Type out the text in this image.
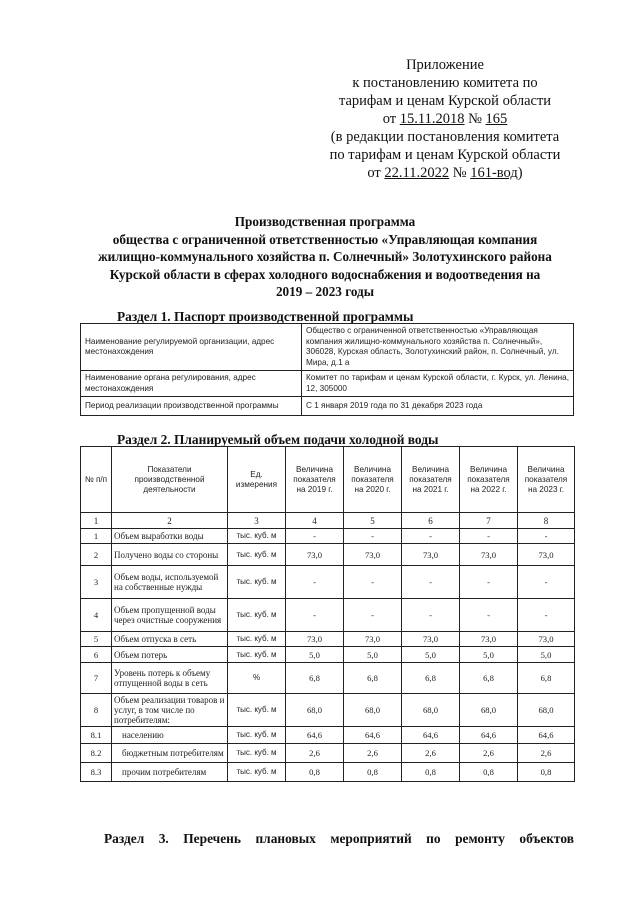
Приложение
к постановлению комитета по
тарифам и ценам Курской области
от 15.11.2018 № 165
(в редакции постановления комитета
по тарифам и ценам Курской области
от 22.11.2022 № 161-вод)
Производственная программа
общества с ограниченной ответственностью «Управляющая компания
жилищно-коммунального хозяйства п. Солнечный» Золотухинского района
Курской области в сферах холодного водоснабжения и водоотведения на
2019 – 2023 годы
Раздел 1. Паспорт производственной программы
Наименование регулируемой организации, адрес местонахождения	Общество с ограниченной ответственностью «Управляющая компания жилищно-коммунального хозяйства п. Солнечный», 306028, Курская область, Золотухинский район, п. Солнечный, ул. Мира, д.1 а
Наименование органа регулирования, адрес местонахождения	Комитет по тарифам и ценам Курской области, г. Курск, ул. Ленина, 12, 305000
Период реализации производственной программы	С 1 января 2019 года по 31 декабря 2023 года
Раздел 2. Планируемый объем подачи холодной воды
№ п/п	Показатели производственной деятельности	Ед. измерения	Величина показателя на 2019 г.	Величина показателя на 2020 г.	Величина показателя на 2021 г.	Величина показателя на 2022 г.	Величина показателя на 2023 г.
1	2	3	4	5	6	7	8
1	Объем выработки воды	тыс. куб. м	-	-	-	-	-
2	Получено воды со стороны	тыс. куб. м	73,0	73,0	73,0	73,0	73,0
3	Объем воды, используемой на собственные нужды	тыс. куб. м	-	-	-	-	-
4	Объем пропущенной воды через очистные сооружения	тыс. куб. м	-	-	-	-	-
5	Объем отпуска в сеть	тыс. куб. м	73,0	73,0	73,0	73,0	73,0
6	Объем потерь	тыс. куб. м	5,0	5,0	5,0	5,0	5,0
7	Уровень потерь к объему отпущенной воды в сеть	%	6,8	6,8	6,8	6,8	6,8
8	Объем реализации товаров и услуг, в том числе по потребителям:	тыс. куб. м	68,0	68,0	68,0	68,0	68,0
8.1	населению	тыс. куб. м	64,6	64,6	64,6	64,6	64,6
8.2	бюджетным потребителям	тыс. куб. м	2,6	2,6	2,6	2,6	2,6
8.3	прочим потребителям	тыс. куб. м	0,8	0,8	0,8	0,8	0,8
Раздел 3. Перечень плановых мероприятий по ремонту объектов
